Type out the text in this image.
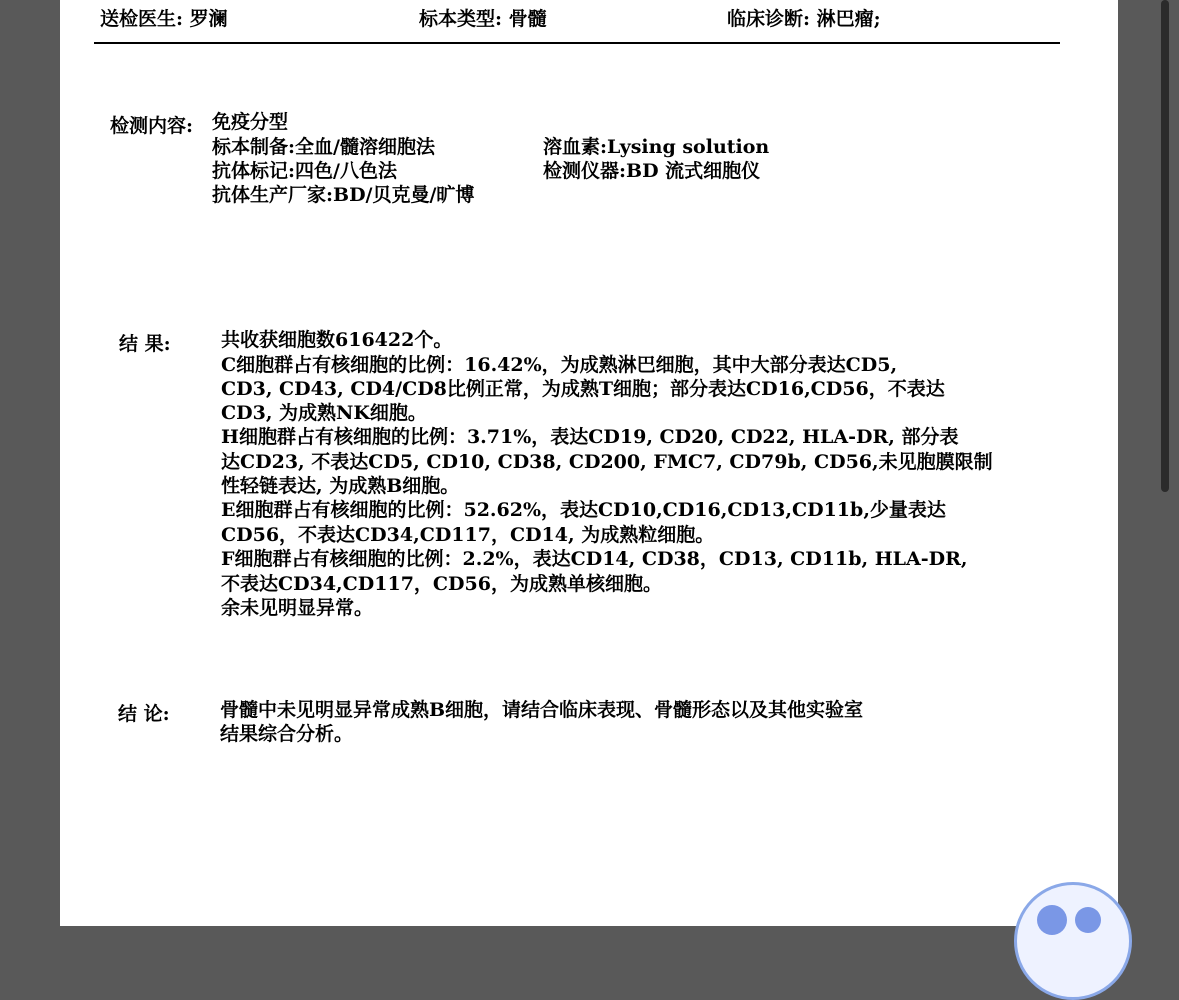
送检医生: 罗澜	标本类型: 骨髓	临床诊断: 淋巴瘤;
检测内容: 免疫分型
标本制备:全血/髓溶细胞法	溶血素:Lysing solution
抗体标记:四色/八色法	检测仪器:BD 流式细胞仪
抗体生产厂家:BD/贝克曼/旷博
结 果:	共收获细胞数616422个。
C细胞群占有核细胞的比例：16.42%，为成熟淋巴细胞，其中大部分表达CD5,
CD3, CD43, CD4/CD8比例正常，为成熟T细胞；部分表达CD16,CD56，不表达
CD3, 为成熟NK细胞。
H细胞群占有核细胞的比例：3.71%，表达CD19, CD20, CD22, HLA-DR, 部分表
达CD23, 不表达CD5, CD10, CD38, CD200, FMC7, CD79b, CD56,未见胞膜限制
性轻链表达, 为成熟B细胞。
E细胞群占有核细胞的比例：52.62%，表达CD10,CD16,CD13,CD11b,少量表达
CD56，不表达CD34,CD117，CD14, 为成熟粒细胞。
F细胞群占有核细胞的比例：2.2%，表达CD14, CD38，CD13, CD11b, HLA-DR,
不表达CD34,CD117，CD56，为成熟单核细胞。
余未见明显异常。
结 论:	骨髓中未见明显异常成熟B细胞，请结合临床表现、骨髓形态以及其他实验室
结果综合分析。
